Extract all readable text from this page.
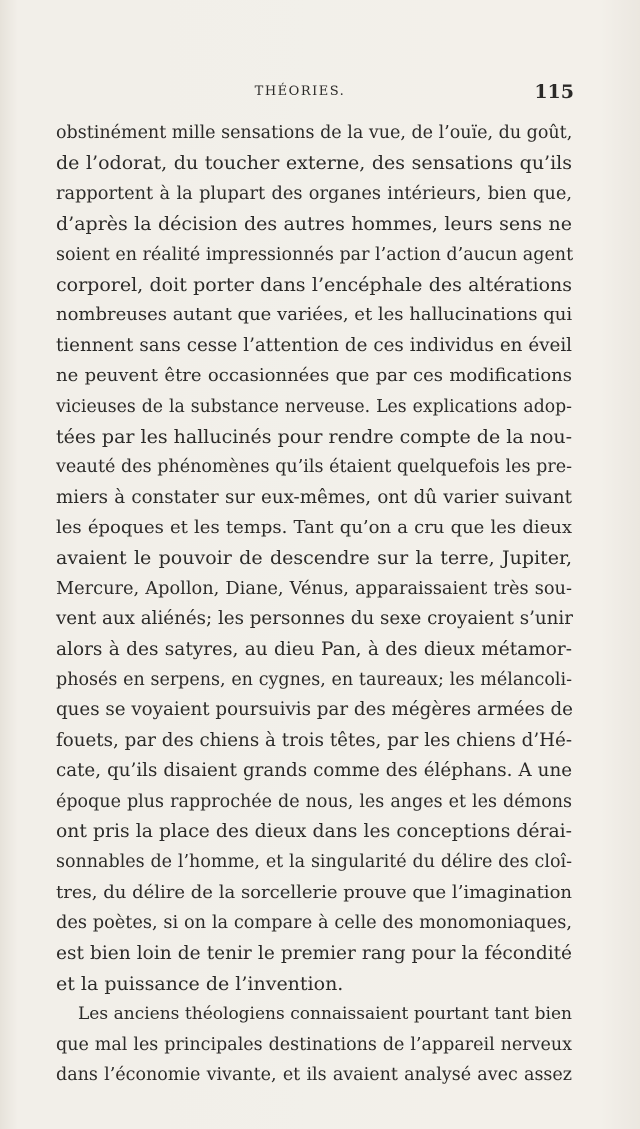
THÉORIES.	115
obstinément mille sensations de la vue, de l’ouïe, du goût,
de l’odorat, du toucher externe, des sensations qu’ils
rapportent à la plupart des organes intérieurs, bien que,
d’après la décision des autres hommes, leurs sens ne
soient en réalité impressionnés par l’action d’aucun agent
corporel, doit porter dans l’encéphale des altérations
nombreuses autant que variées, et les hallucinations qui
tiennent sans cesse l’attention de ces individus en éveil
ne peuvent être occasionnées que par ces modifications
vicieuses de la substance nerveuse. Les explications adop-
tées par les hallucinés pour rendre compte de la nou-
veauté des phénomènes qu’ils étaient quelquefois les pre-
miers à constater sur eux-mêmes, ont dû varier suivant
les époques et les temps. Tant qu’on a cru que les dieux
avaient le pouvoir de descendre sur la terre, Jupiter,
Mercure, Apollon, Diane, Vénus, apparaissaient très sou-
vent aux aliénés; les personnes du sexe croyaient s’unir
alors à des satyres, au dieu Pan, à des dieux métamor-
phosés en serpens, en cygnes, en taureaux; les mélancoli-
ques se voyaient poursuivis par des mégères armées de
fouets, par des chiens à trois têtes, par les chiens d’Hé-
cate, qu’ils disaient grands comme des éléphans. A une
époque plus rapprochée de nous, les anges et les démons
ont pris la place des dieux dans les conceptions dérai-
sonnables de l’homme, et la singularité du délire des cloî-
tres, du délire de la sorcellerie prouve que l’imagination
des poètes, si on la compare à celle des monomoniaques,
est bien loin de tenir le premier rang pour la fécondité
et la puissance de l’invention.
Les anciens théologiens connaissaient pourtant tant bien
que mal les principales destinations de l’appareil nerveux
dans l’économie vivante, et ils avaient analysé avec assez
